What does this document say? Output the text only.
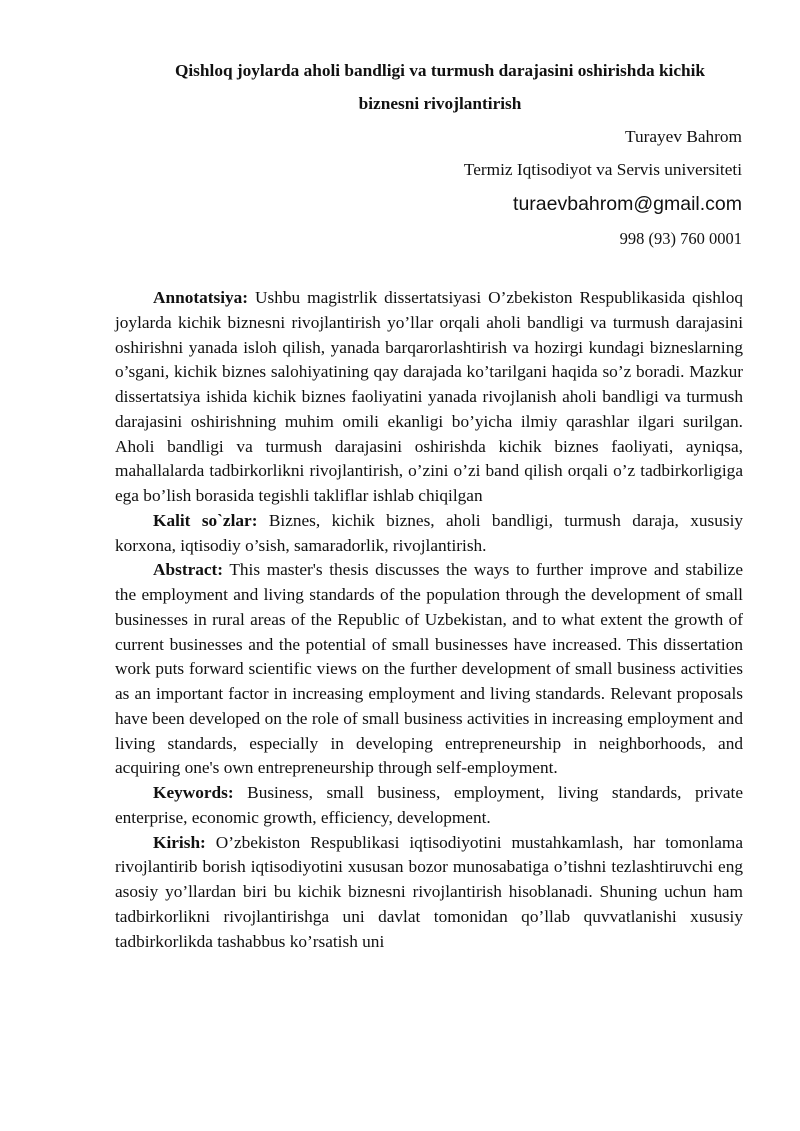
Qishloq joylarda aholi bandligi va turmush darajasini oshirishda kichik
biznesni rivojlantirish
Turayev Bahrom
Termiz Iqtisodiyot va Servis universiteti
turaevbahrom@gmail.com
998 (93) 760 0001

Annotatsiya: Ushbu magistrlik dissertatsiyasi O’zbekiston Respublikasida qishloq joylarda kichik biznesni rivojlantirish yo’llar orqali aholi bandligi va turmush darajasini oshirishni yanada isloh qilish, yanada barqarorlashtirish va hozirgi kundagi bizneslarning o’sgani, kichik biznes salohiyatining qay darajada ko’tarilgani haqida so’z boradi. Mazkur dissertatsiya ishida kichik biznes faoliyatini yanada rivojlanish aholi bandligi va turmush darajasini oshirishning muhim omili ekanligi bo’yicha ilmiy qarashlar ilgari surilgan. Aholi bandligi va turmush darajasini oshirishda kichik biznes faoliyati, ayniqsa, mahallalarda tadbirkorlikni rivojlantirish, o’zini o’zi band qilish orqali o’z tadbirkorligiga ega bo’lish borasida tegishli takliflar ishlab chiqilgan

Kalit so`zlar: Biznes, kichik biznes, aholi bandligi, turmush daraja, xususiy korxona, iqtisodiy o’sish, samaradorlik, rivojlantirish.

Abstract: This master's thesis discusses the ways to further improve and stabilize the employment and living standards of the population through the development of small businesses in rural areas of the Republic of Uzbekistan, and to what extent the growth of current businesses and the potential of small businesses have increased. This dissertation work puts forward scientific views on the further development of small business activities as an important factor in increasing employment and living standards. Relevant proposals have been developed on the role of small business activities in increasing employment and living standards, especially in developing entrepreneurship in neighborhoods, and acquiring one's own entrepreneurship through self-employment.

Keywords: Business, small business, employment, living standards, private enterprise, economic growth, efficiency, development.

Kirish: O’zbekiston Respublikasi iqtisodiyotini mustahkamlash, har tomonlama rivojlantirib borish iqtisodiyotini xususan bozor munosabatiga o’tishni tezlashtiruvchi eng asosiy yo’llardan biri bu kichik biznesni rivojlantirish hisoblanadi. Shuning uchun ham tadbirkorlikni rivojlantirishga uni davlat tomonidan qo’llab quvvatlanishi xususiy tadbirkorlikda tashabbus ko’rsatish uni
